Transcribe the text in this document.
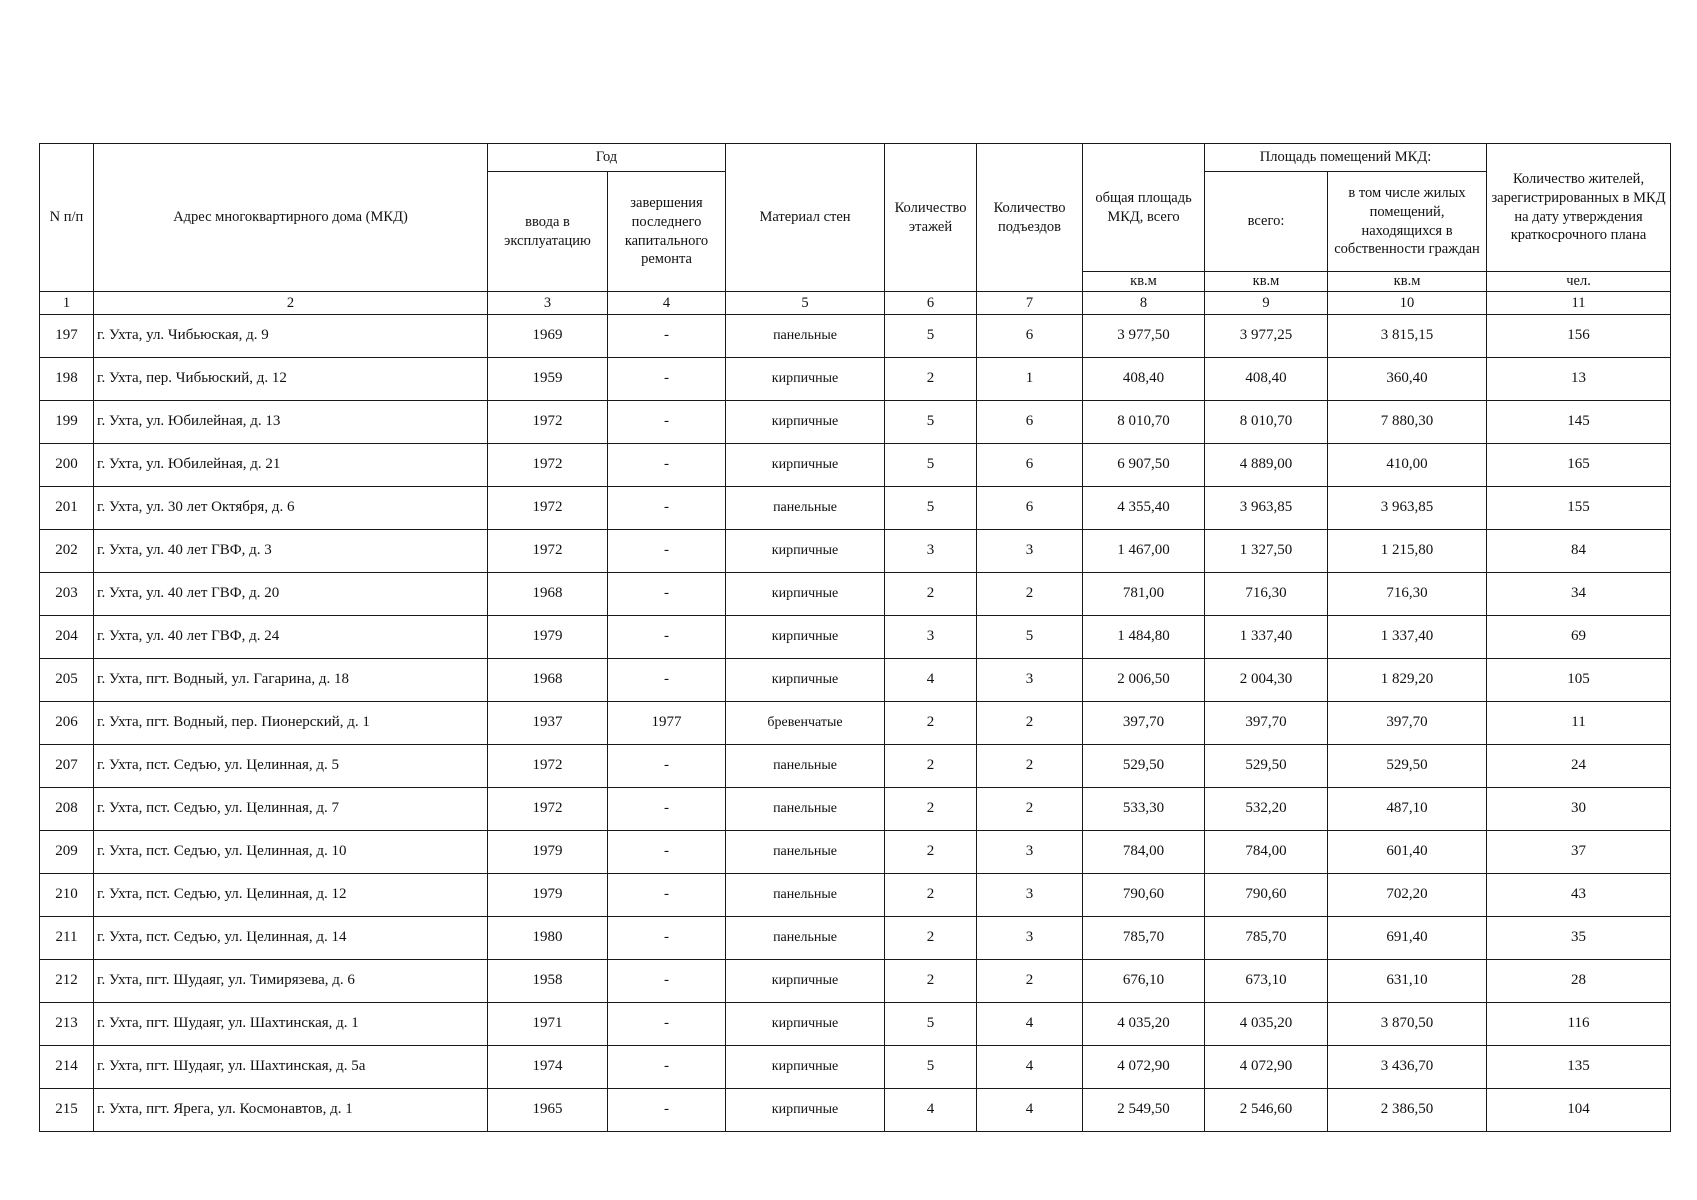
N п/п	Адрес многоквартирного дома (МКД)	Год		Материал стен	Количество этажей	Количество подъездов	общая площадь МКД, всего	Площадь помещений МКД:		Количество жителей, зарегистрированных в МКД на дату утверждения краткосрочного плана
		ввода в эксплуатацию	завершения последнего капитального ремонта					всего:	в том числе жилых помещений, находящихся в собственности граждан	
							кв.м	кв.м	кв.м	чел.
1	2	3	4	5	6	7	8	9	10	11
197	г. Ухта, ул. Чибьюская, д. 9	1969	-	панельные	5	6	3 977,50	3 977,25	3 815,15	156
198	г. Ухта, пер. Чибьюский, д. 12	1959	-	кирпичные	2	1	408,40	408,40	360,40	13
199	г. Ухта, ул. Юбилейная, д. 13	1972	-	кирпичные	5	6	8 010,70	8 010,70	7 880,30	145
200	г. Ухта, ул. Юбилейная, д. 21	1972	-	кирпичные	5	6	6 907,50	4 889,00	410,00	165
201	г. Ухта, ул. 30 лет Октября, д. 6	1972	-	панельные	5	6	4 355,40	3 963,85	3 963,85	155
202	г. Ухта, ул. 40 лет ГВФ, д. 3	1972	-	кирпичные	3	3	1 467,00	1 327,50	1 215,80	84
203	г. Ухта, ул. 40 лет ГВФ, д. 20	1968	-	кирпичные	2	2	781,00	716,30	716,30	34
204	г. Ухта, ул. 40 лет ГВФ, д. 24	1979	-	кирпичные	3	5	1 484,80	1 337,40	1 337,40	69
205	г. Ухта, пгт. Водный, ул. Гагарина, д. 18	1968	-	кирпичные	4	3	2 006,50	2 004,30	1 829,20	105
206	г. Ухта, пгт. Водный, пер. Пионерский, д. 1	1937	1977	бревенчатые	2	2	397,70	397,70	397,70	11
207	г. Ухта, пст. Седъю, ул. Целинная, д. 5	1972	-	панельные	2	2	529,50	529,50	529,50	24
208	г. Ухта, пст. Седъю, ул. Целинная, д. 7	1972	-	панельные	2	2	533,30	532,20	487,10	30
209	г. Ухта, пст. Седъю, ул. Целинная, д. 10	1979	-	панельные	2	3	784,00	784,00	601,40	37
210	г. Ухта, пст. Седъю, ул. Целинная, д. 12	1979	-	панельные	2	3	790,60	790,60	702,20	43
211	г. Ухта, пст. Седъю, ул. Целинная, д. 14	1980	-	панельные	2	3	785,70	785,70	691,40	35
212	г. Ухта, пгт. Шудаяг, ул. Тимирязева, д. 6	1958	-	кирпичные	2	2	676,10	673,10	631,10	28
213	г. Ухта, пгт. Шудаяг, ул. Шахтинская, д. 1	1971	-	кирпичные	5	4	4 035,20	4 035,20	3 870,50	116
214	г. Ухта, пгт. Шудаяг, ул. Шахтинская, д. 5а	1974	-	кирпичные	5	4	4 072,90	4 072,90	3 436,70	135
215	г. Ухта, пгт. Ярега, ул. Космонавтов, д. 1	1965	-	кирпичные	4	4	2 549,50	2 546,60	2 386,50	104
